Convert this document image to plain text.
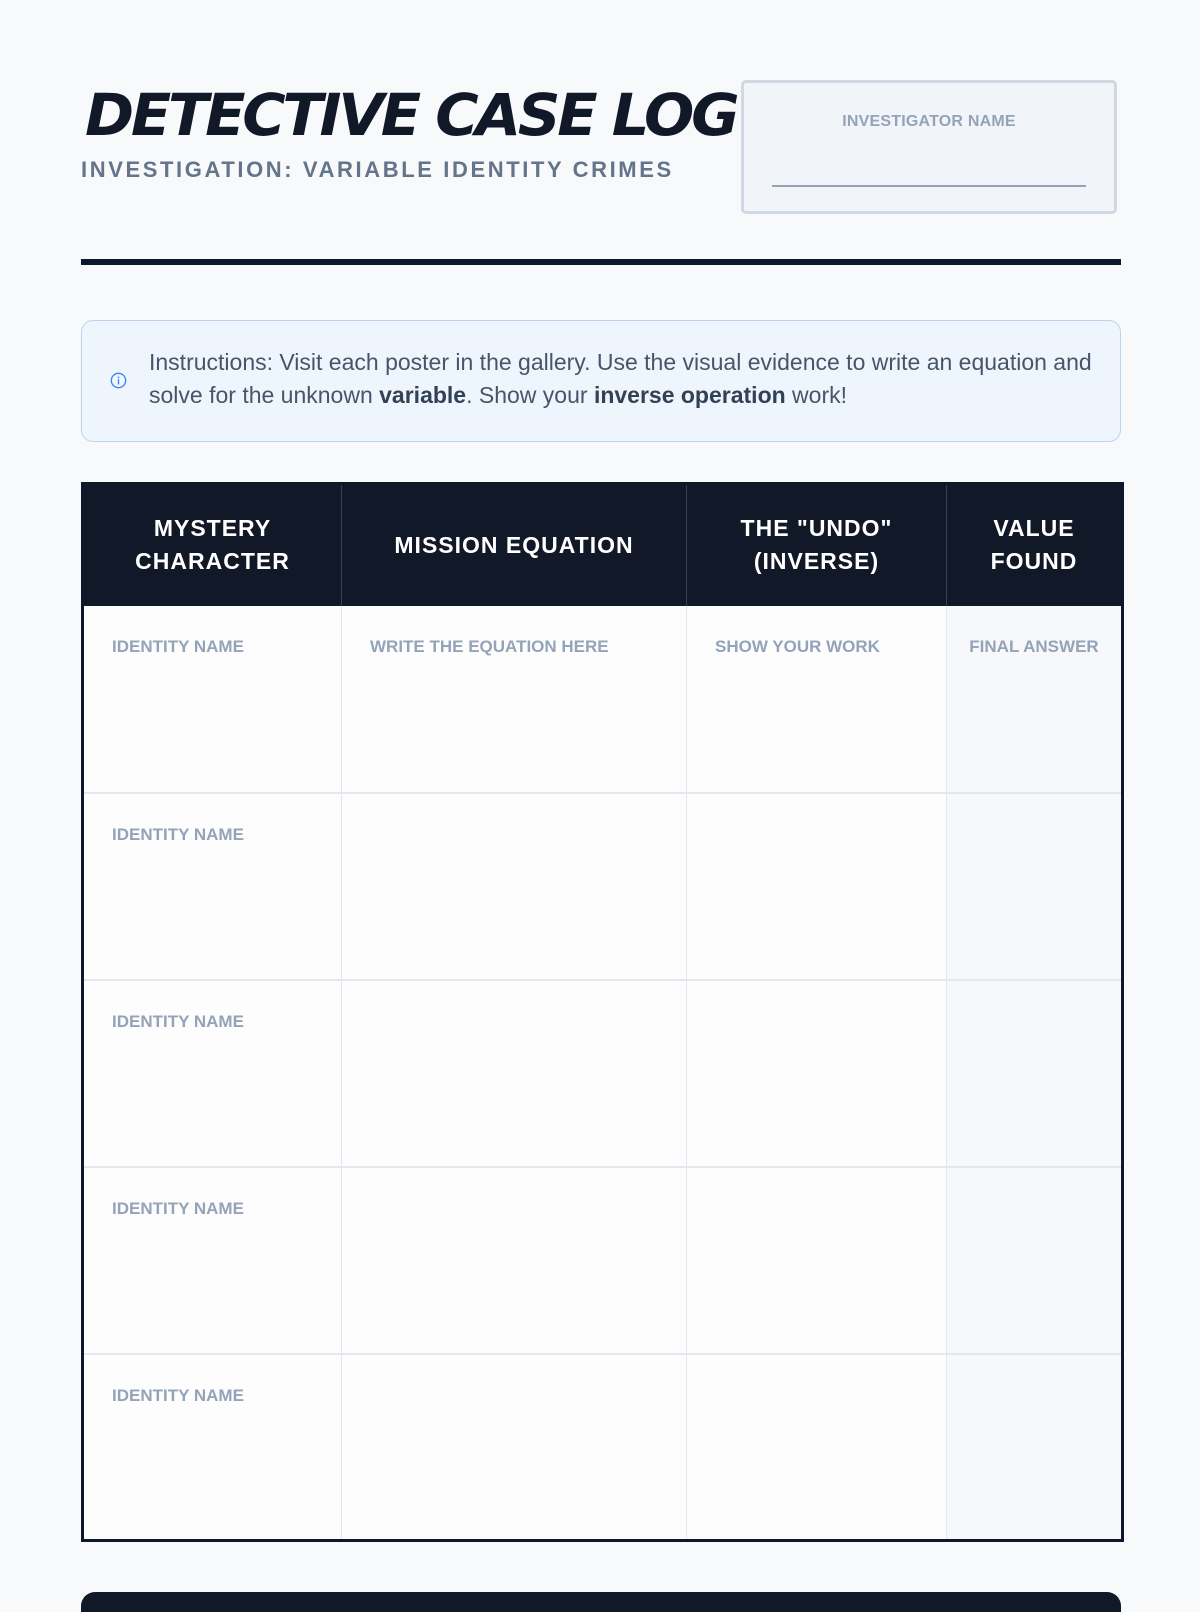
DETECTIVE CASE LOG
INVESTIGATION: VARIABLE IDENTITY CRIMES
INVESTIGATOR NAME

Instructions: Visit each poster in the gallery. Use the visual evidence to write an equation and solve for the unknown variable. Show your inverse operation work!

MYSTERY CHARACTER	MISSION EQUATION	THE "UNDO" (INVERSE)	VALUE FOUND

IDENTITY NAME	WRITE THE EQUATION HERE	SHOW YOUR WORK	FINAL ANSWER

IDENTITY NAME			

IDENTITY NAME			

IDENTITY NAME			

IDENTITY NAME			
